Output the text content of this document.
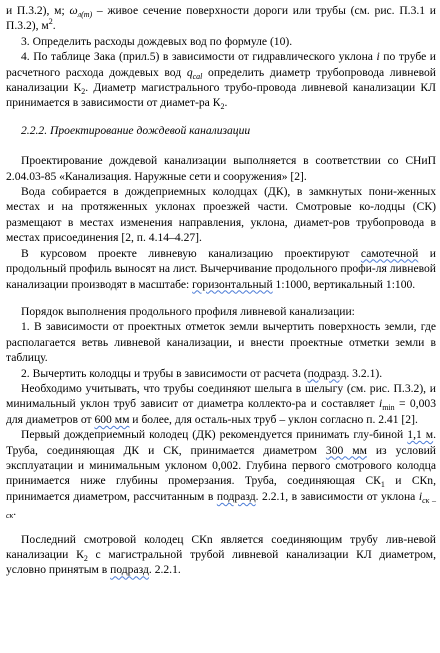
и П.3.2), м; $\omega_{л(т)}$ – живое сечение поверхности дороги или трубы (см. рис. П.3.1 и П.3.2), $м^2$.

3. Определить расходы дождевых вод по формуле (10).

4. По таблице Зака (прил.5) в зависимости от гидравлического уклона i по трубе и расчетного расхода дождевых вод $q_{cal}$ определить диаметр трубопровода ливневой канализации $К_2$. Диаметр магистрального трубо-провода ливневой канализации КЛ принимается в зависимости от диамет-ра $К_2$.

2.2.2. Проектирование дождевой канализации

Проектирование дождевой канализации выполняется в соответствии со СНиП 2.04.03-85 «Канализация. Наружные сети и сооружения» [2].

Вода собирается в дождеприемных колодцах (ДК), в замкнутых пони-женных местах и на протяженных уклонах проезжей части. Смотровые ко-лодцы (СК) размещают в местах изменения направления, уклона, диамет-ров трубопровода в местах присоединения [2, п. 4.14–4.27].

В курсовом проекте ливневую канализацию проектируют самотечной и продольный профиль выносят на лист. Вычерчивание продольного профи-ля ливневой канализации производят в масштабе: горизонтальный 1:1000, вертикальный 1:100.

Порядок выполнения продольного профиля ливневой канализации:

1. В зависимости от проектных отметок земли вычертить поверхность земли, где располагается ветвь ливневой канализации, и внести проектные отметки земли в таблицу.

2. Вычертить колодцы и трубы в зависимости от расчета (подразд. 3.2.1).

Необходимо учитывать, что трубы соединяют шелыга в шелыгу (см. рис. П.3.2), и минимальный уклон труб зависит от диаметра коллекто-ра и составляет $i_{min} = 0,003$ для диаметров от 600 мм и более, для осталь-ных труб – уклон согласно п. 2.41 [2].

Первый дождеприемный колодец (ДК) рекомендуется принимать глу-биной 1,1 м. Труба, соединяющая ДК и СК, принимается диаметром 300 мм из условий эксплуатации и минимальным уклоном 0,002. Глубина первого смотрового колодца принимается ниже глубины промерзания. Труба, соединяющая $СК_1$ и СКn, принимается диаметром, рассчитанным в подразд. 2.2.1, в зависимости от уклона $i_{ск - ск}$.

Последний смотровой колодец СКn является соединяющим трубу лив-невой канализации $К_2$ с магистральной трубой ливневой канализации КЛ диаметром, условно принятым в подразд. 2.2.1.
